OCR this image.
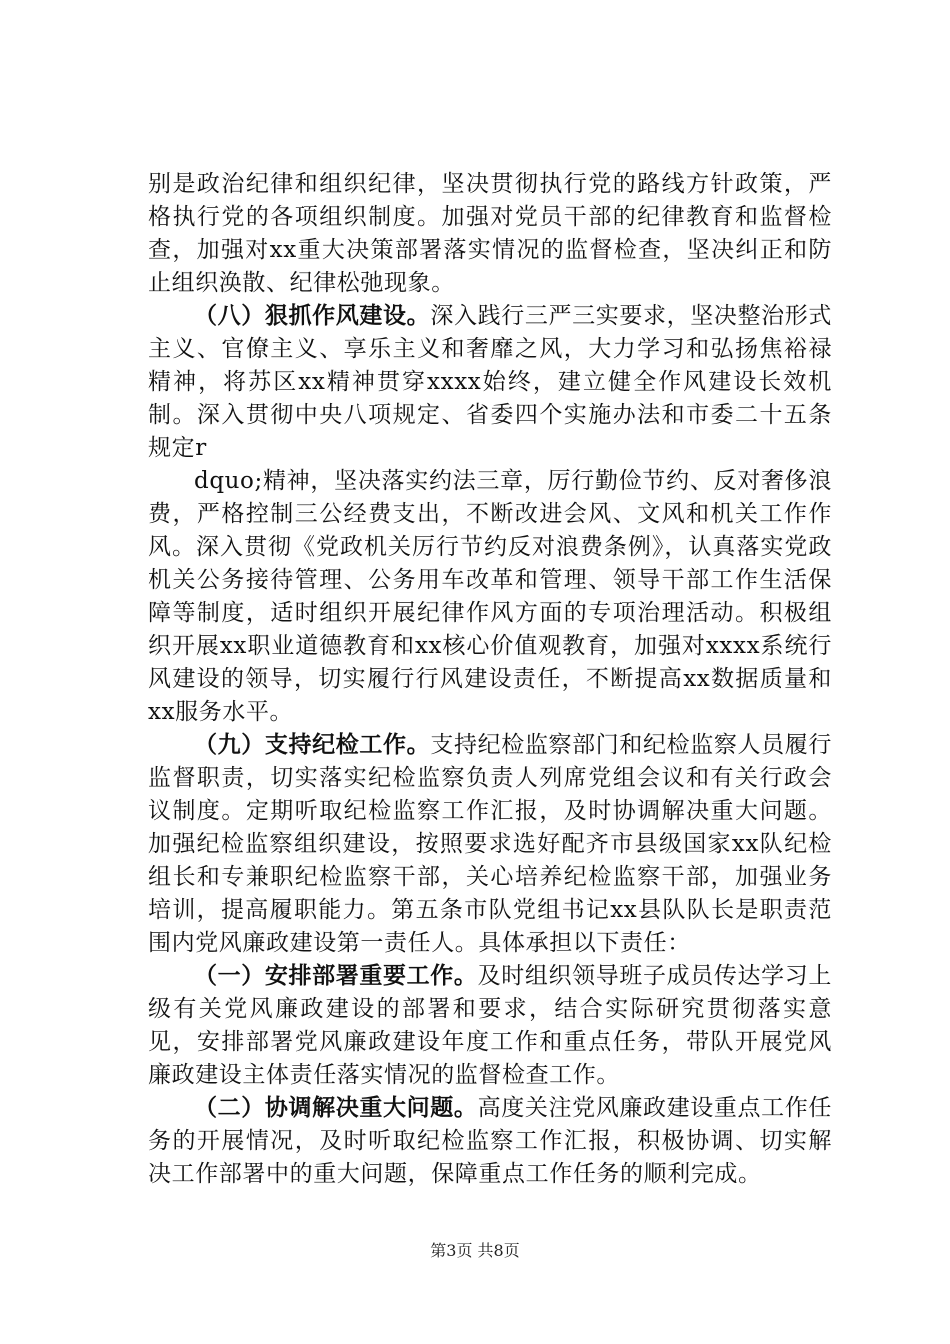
别是政治纪律和组织纪律，坚决贯彻执行党的路线方针政策，严格执行党的各项组织制度。加强对党员干部的纪律教育和监督检查，加强对xx重大决策部署落实情况的监督检查，坚决纠正和防止组织涣散、纪律松弛现象。

（八）狠抓作风建设。深入践行三严三实要求，坚决整治形式主义、官僚主义、享乐主义和奢靡之风，大力学习和弘扬焦裕禄精神，将苏区xx精神贯穿xxxx始终，建立健全作风建设长效机制。深入贯彻中央八项规定、省委四个实施办法和市委二十五条规定r

dquo;精神，坚决落实约法三章，厉行勤俭节约、反对奢侈浪费，严格控制三公经费支出，不断改进会风、文风和机关工作作风。深入贯彻《党政机关厉行节约反对浪费条例》，认真落实党政机关公务接待管理、公务用车改革和管理、领导干部工作生活保障等制度，适时组织开展纪律作风方面的专项治理活动。积极组织开展xx职业道德教育和xx核心价值观教育，加强对xxxx系统行风建设的领导，切实履行行风建设责任，不断提高xx数据质量和xx服务水平。

（九）支持纪检工作。支持纪检监察部门和纪检监察人员履行监督职责，切实落实纪检监察负责人列席党组会议和有关行政会议制度。定期听取纪检监察工作汇报，及时协调解决重大问题。加强纪检监察组织建设，按照要求选好配齐市县级国家xx队纪检组长和专兼职纪检监察干部，关心培养纪检监察干部，加强业务培训，提高履职能力。第五条市队党组书记xx县队队长是职责范围内党风廉政建设第一责任人。具体承担以下责任：

（一）安排部署重要工作。及时组织领导班子成员传达学习上级有关党风廉政建设的部署和要求，结合实际研究贯彻落实意见，安排部署党风廉政建设年度工作和重点任务，带队开展党风廉政建设主体责任落实情况的监督检查工作。

（二）协调解决重大问题。高度关注党风廉政建设重点工作任务的开展情况，及时听取纪检监察工作汇报，积极协调、切实解决工作部署中的重大问题，保障重点工作任务的顺利完成。

第3页 共8页
